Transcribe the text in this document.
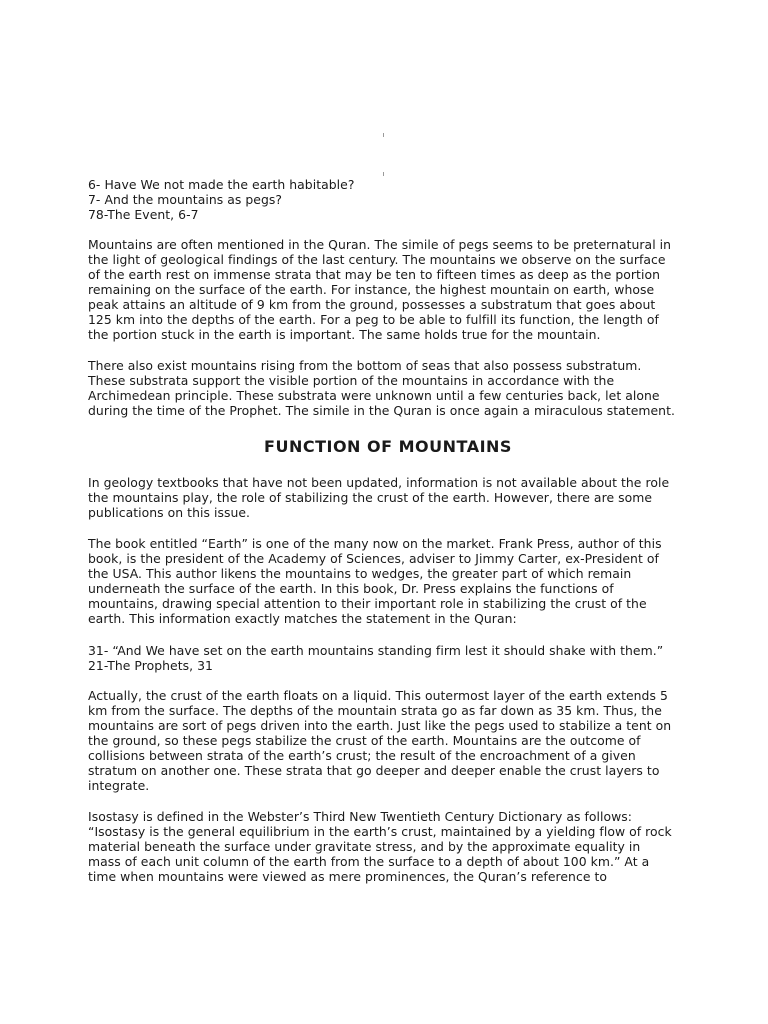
6- Have We not made the earth habitable?
7- And the mountains as pegs?
78-The Event, 6-7
Mountains are often mentioned in the Quran. The simile of pegs seems to be preternatural in
the light of geological findings of the last century. The mountains we observe on the surface
of the earth rest on immense strata that may be ten to fifteen times as deep as the portion
remaining on the surface of the earth. For instance, the highest mountain on earth, whose
peak attains an altitude of 9 km from the ground, possesses a substratum that goes about
125 km into the depths of the earth. For a peg to be able to fulfill its function, the length of
the portion stuck in the earth is important. The same holds true for the mountain.
There also exist mountains rising from the bottom of seas that also possess substratum.
These substrata support the visible portion of the mountains in accordance with the
Archimedean principle. These substrata were unknown until a few centuries back, let alone
during the time of the Prophet. The simile in the Quran is once again a miraculous statement.
FUNCTION OF MOUNTAINS
In geology textbooks that have not been updated, information is not available about the role
the mountains play, the role of stabilizing the crust of the earth. However, there are some
publications on this issue.
The book entitled “Earth” is one of the many now on the market. Frank Press, author of this
book, is the president of the Academy of Sciences, adviser to Jimmy Carter, ex-President of
the USA. This author likens the mountains to wedges, the greater part of which remain
underneath the surface of the earth. In this book, Dr. Press explains the functions of
mountains, drawing special attention to their important role in stabilizing the crust of the
earth. This information exactly matches the statement in the Quran:
31- “And We have set on the earth mountains standing firm lest it should shake with them.”
21-The Prophets, 31
Actually, the crust of the earth floats on a liquid. This outermost layer of the earth extends 5
km from the surface. The depths of the mountain strata go as far down as 35 km. Thus, the
mountains are sort of pegs driven into the earth. Just like the pegs used to stabilize a tent on
the ground, so these pegs stabilize the crust of the earth. Mountains are the outcome of
collisions between strata of the earth’s crust; the result of the encroachment of a given
stratum on another one. These strata that go deeper and deeper enable the crust layers to
integrate.
Isostasy is defined in the Webster’s Third New Twentieth Century Dictionary as follows:
“Isostasy is the general equilibrium in the earth’s crust, maintained by a yielding flow of rock
material beneath the surface under gravitate stress, and by the approximate equality in
mass of each unit column of the earth from the surface to a depth of about 100 km.” At a
time when mountains were viewed as mere prominences, the Quran’s reference to
